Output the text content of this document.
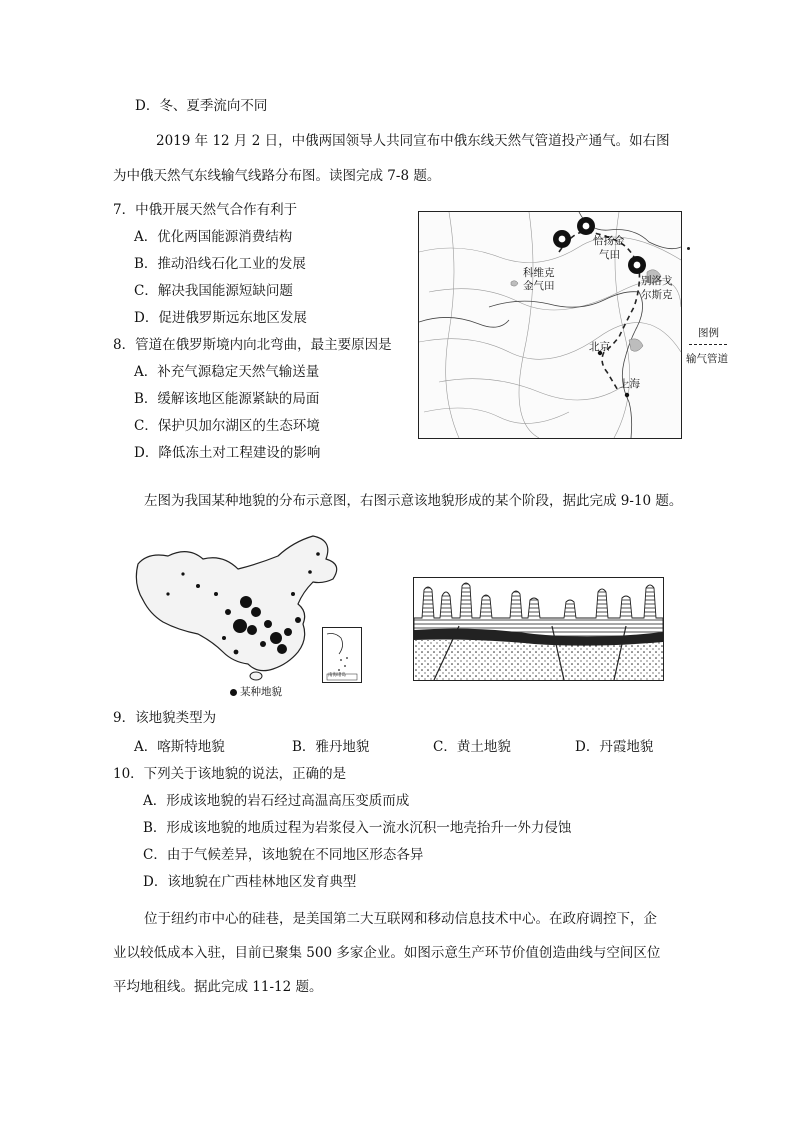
D．冬、夏季流向不同
2019 年 12 月 2 日，中俄两国领导人共同宣布中俄东线天然气管道投产通气。如右图
为中俄天然气东线输气线路分布图。读图完成 7-8 题。
7．中俄开展天然气合作有利于
A．优化两国能源消费结构
B．推动沿线石化工业的发展
C．解决我国能源短缺问题
D．促进俄罗斯远东地区发展
8．管道在俄罗斯境内向北弯曲，最主要原因是
A．补充气源稳定天然气输送量
B．缓解该地区能源紧缺的局面
C．保护贝加尔湖区的生态环境
D．降低冻土对工程建设的影响
科维克
金气田
恰扬金
气田
别洛戈
尔斯克
北京
上海
图例
输气管道
左图为我国某种地貌的分布示意图，右图示意该地貌形成的某个阶段，据此完成 9-10 题。
南海诸岛
某种地貌
9．该地貌类型为
A．喀斯特地貌	B．雅丹地貌	C．黄土地貌	D．丹霞地貌
10．下列关于该地貌的说法，正确的是
A．形成该地貌的岩石经过高温高压变质而成
B．形成该地貌的地质过程为岩浆侵入一流水沉积一地壳抬升一外力侵蚀
C．由于气候差异，该地貌在不同地区形态各异
D．该地貌在广西桂林地区发育典型
位于纽约市中心的硅巷，是美国第二大互联网和移动信息技术中心。在政府调控下，企
业以较低成本入驻，目前已聚集 500 多家企业。如图示意生产环节价值创造曲线与空间区位
平均地租线。据此完成 11-12 题。
